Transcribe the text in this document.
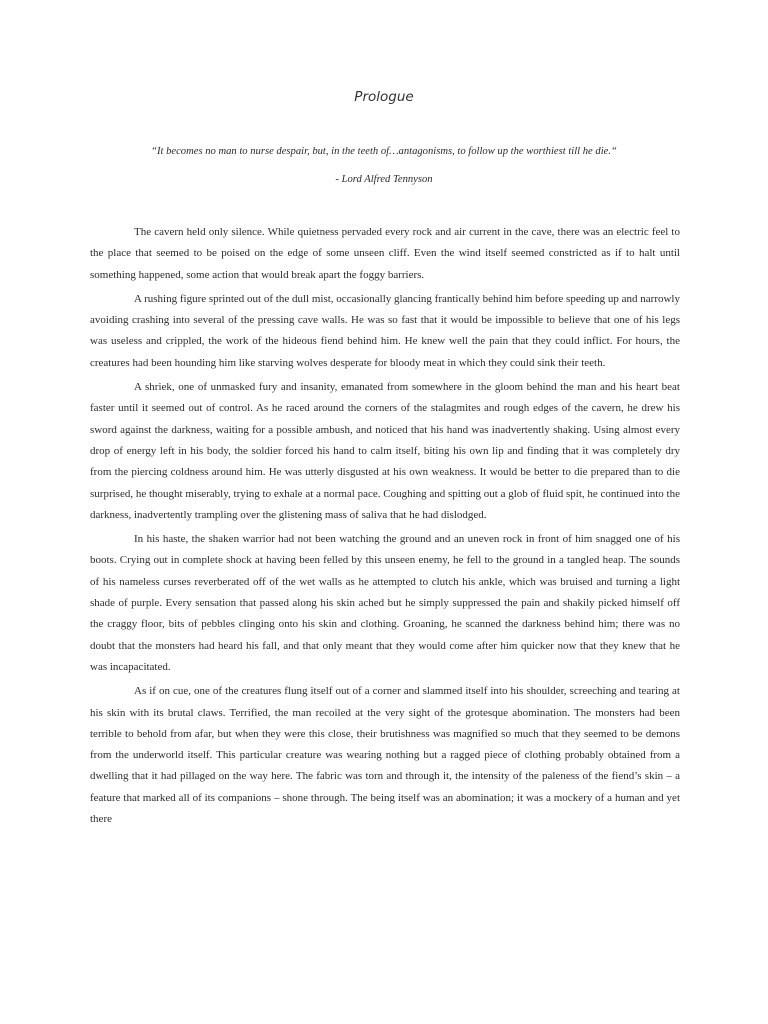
Prologue
“It becomes no man to nurse despair, but, in the teeth of…antagonisms, to follow up the worthiest till he die.“
- Lord Alfred Tennyson

The cavern held only silence. While quietness pervaded every rock and air current in the cave, there was an electric feel to the place that seemed to be poised on the edge of some unseen cliff. Even the wind itself seemed constricted as if to halt until something happened, some action that would break apart the foggy barriers.

A rushing figure sprinted out of the dull mist, occasionally glancing frantically behind him before speeding up and narrowly avoiding crashing into several of the pressing cave walls. He was so fast that it would be impossible to believe that one of his legs was useless and crippled, the work of the hideous fiend behind him. He knew well the pain that they could inflict. For hours, the creatures had been hounding him like starving wolves desperate for bloody meat in which they could sink their teeth.

A shriek, one of unmasked fury and insanity, emanated from somewhere in the gloom behind the man and his heart beat faster until it seemed out of control. As he raced around the corners of the stalagmites and rough edges of the cavern, he drew his sword against the darkness, waiting for a possible ambush, and noticed that his hand was inadvertently shaking. Using almost every drop of energy left in his body, the soldier forced his hand to calm itself, biting his own lip and finding that it was completely dry from the piercing coldness around him. He was utterly disgusted at his own weakness. It would be better to die prepared than to die surprised, he thought miserably, trying to exhale at a normal pace. Coughing and spitting out a glob of fluid spit, he continued into the darkness, inadvertently trampling over the glistening mass of saliva that he had dislodged.

In his haste, the shaken warrior had not been watching the ground and an uneven rock in front of him snagged one of his boots. Crying out in complete shock at having been felled by this unseen enemy, he fell to the ground in a tangled heap. The sounds of his nameless curses reverberated off of the wet walls as he attempted to clutch his ankle, which was bruised and turning a light shade of purple. Every sensation that passed along his skin ached but he simply suppressed the pain and shakily picked himself off the craggy floor, bits of pebbles clinging onto his skin and clothing. Groaning, he scanned the darkness behind him; there was no doubt that the monsters had heard his fall, and that only meant that they would come after him quicker now that they knew that he was incapacitated.

As if on cue, one of the creatures flung itself out of a corner and slammed itself into his shoulder, screeching and tearing at his skin with its brutal claws. Terrified, the man recoiled at the very sight of the grotesque abomination. The monsters had been terrible to behold from afar, but when they were this close, their brutishness was magnified so much that they seemed to be demons from the underworld itself. This particular creature was wearing nothing but a ragged piece of clothing probably obtained from a dwelling that it had pillaged on the way here. The fabric was torn and through it, the intensity of the paleness of the fiend’s skin – a feature that marked all of its companions – shone through. The being itself was an abomination; it was a mockery of a human and yet there
